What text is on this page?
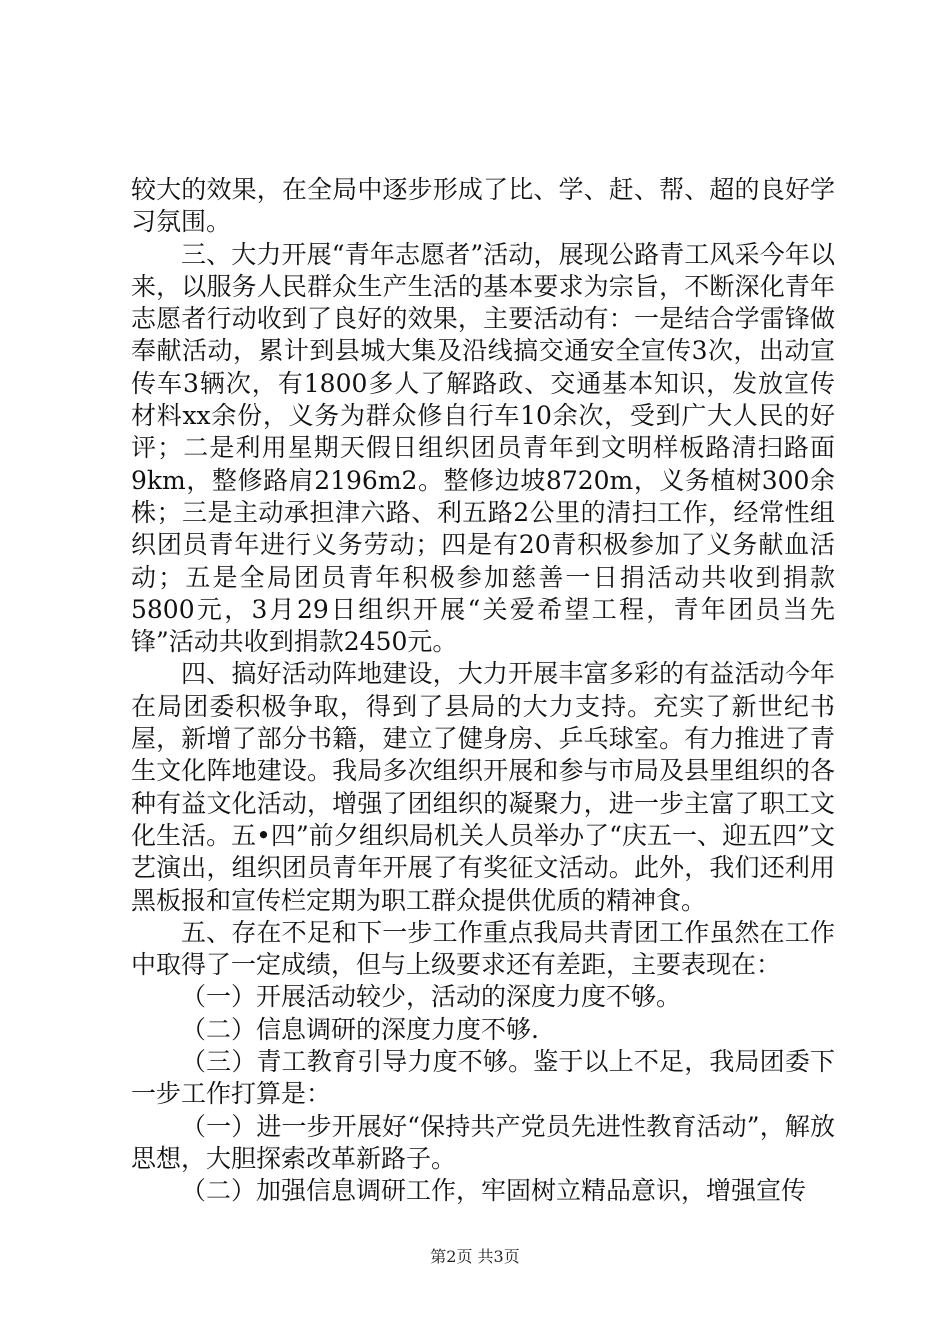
较大的效果，在全局中逐步形成了比、学、赶、帮、超的良好学习氛围。

三、大力开展“青年志愿者”活动，展现公路青工风采今年以来，以服务人民群众生产生活的基本要求为宗旨，不断深化青年志愿者行动收到了良好的效果，主要活动有：一是结合学雷锋做奉献活动，累计到县城大集及沿线搞交通安全宣传3次，出动宣传车3辆次，有1800多人了解路政、交通基本知识，发放宣传材料xx余份，义务为群众修自行车10余次，受到广大人民的好评；二是利用星期天假日组织团员青年到文明样板路清扫路面9km，整修路肩2196m2。整修边坡8720m，义务植树300余株；三是主动承担津六路、利五路2公里的清扫工作，经常性组织团员青年进行义务劳动；四是有20青积极参加了义务献血活动；五是全局团员青年积极参加慈善一日捐活动共收到捐款5800元，3月29日组织开展“关爱希望工程，青年团员当先锋”活动共收到捐款2450元。

四、搞好活动阵地建设，大力开展丰富多彩的有益活动今年在局团委积极争取，得到了县局的大力支持。充实了新世纪书屋，新增了部分书籍，建立了健身房、乒乓球室。有力推进了青生文化阵地建设。我局多次组织开展和参与市局及县里组织的各种有益文化活动，增强了团组织的凝聚力，进一步主富了职工文化生活。五•四”前夕组织局机关人员举办了“庆五一、迎五四”文艺演出，组织团员青年开展了有奖征文活动。此外，我们还利用黑板报和宣传栏定期为职工群众提供优质的精神食。

五、存在不足和下一步工作重点我局共青团工作虽然在工作中取得了一定成绩，但与上级要求还有差距，主要表现在：

（一）开展活动较少，活动的深度力度不够。

（二）信息调研的深度力度不够.

（三）青工教育引导力度不够。鉴于以上不足，我局团委下一步工作打算是：

（一）进一步开展好“保持共产党员先进性教育活动”，解放思想，大胆探索改革新路子。

（二）加强信息调研工作，牢固树立精品意识，增强宣传

第2页 共3页
